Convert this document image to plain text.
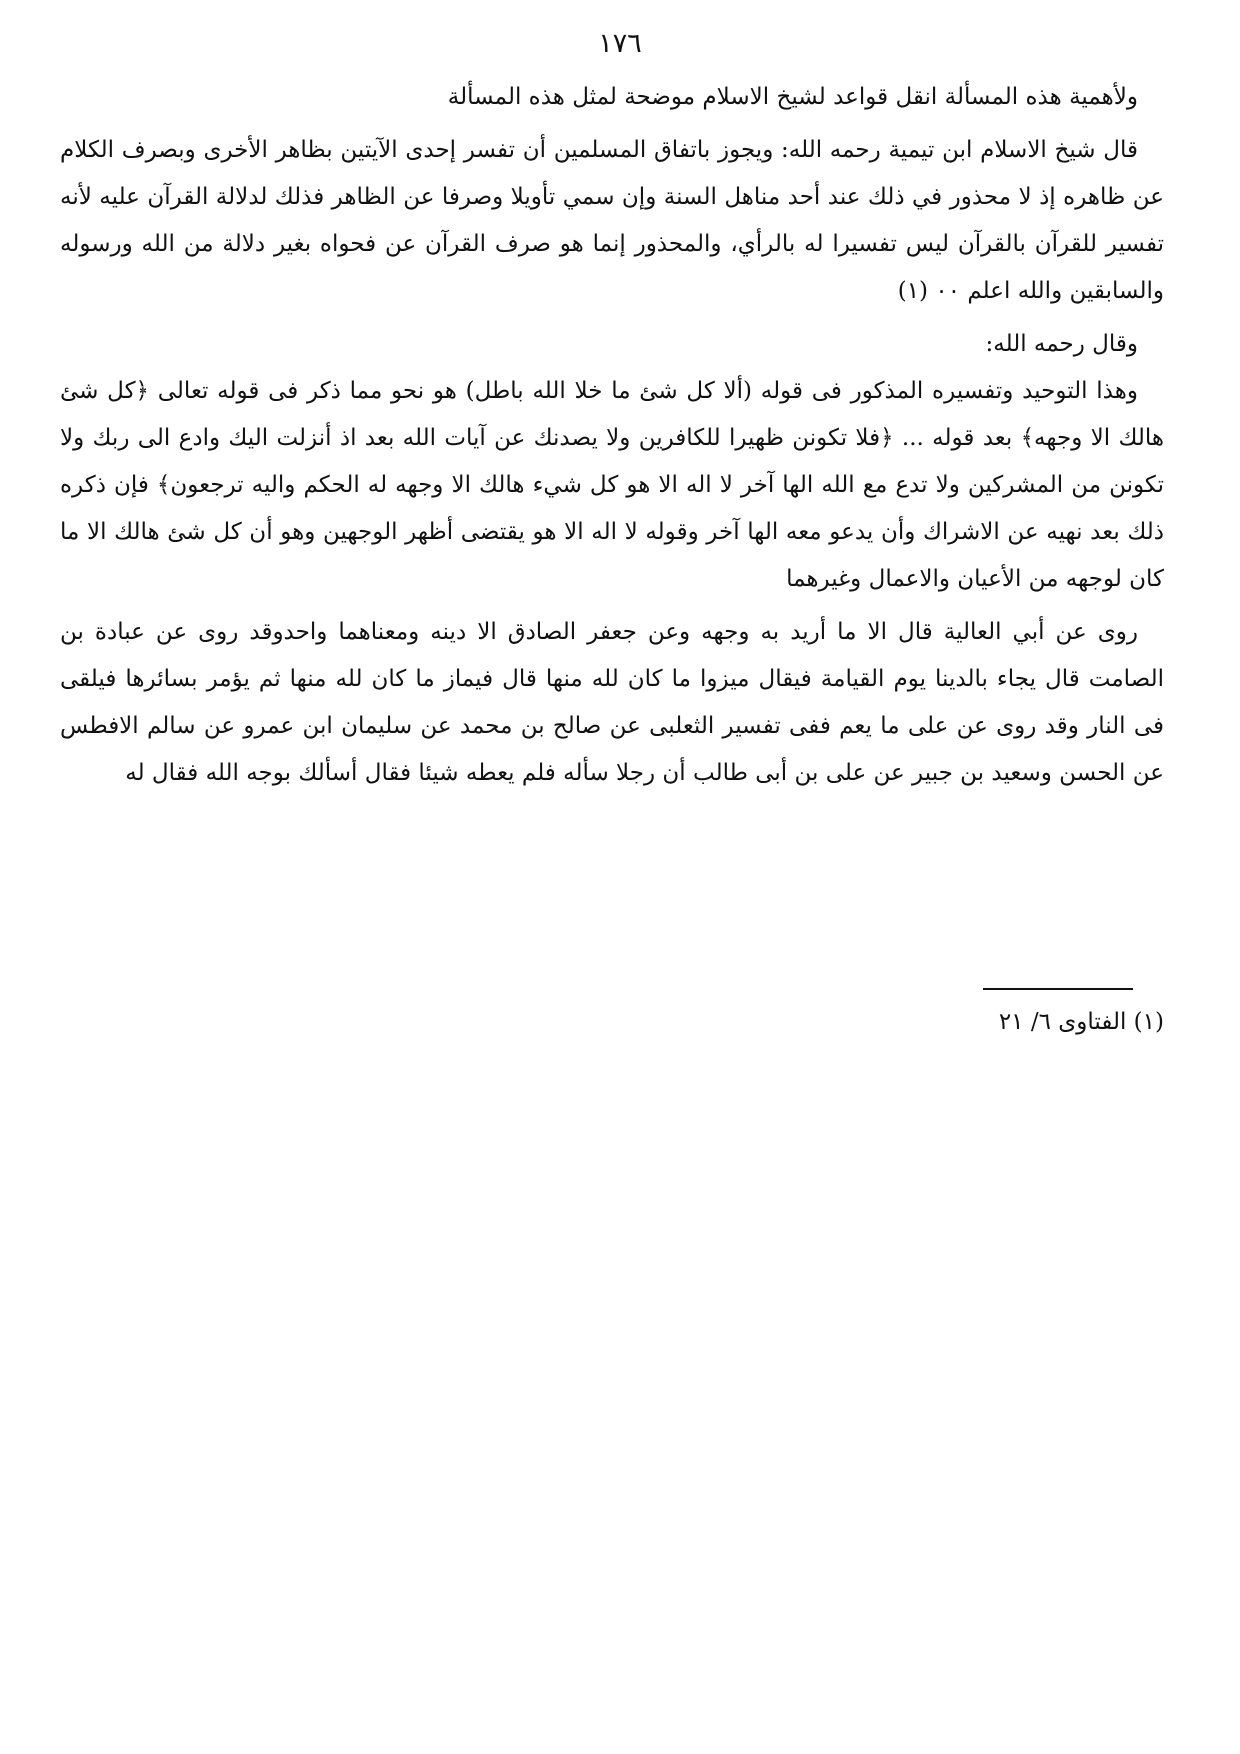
١٧٦

ولأهمية هذه المسألة انقل قواعد لشيخ الاسلام موضحة لمثل هذه المسألة

قال شيخ الاسلام ابن تيمية رحمه الله: ويجوز باتفاق المسلمين أن تفسر إحدى الآيتين بظاهر الأخرى وبصرف الكلام عن ظاهره إذ لا محذور في ذلك عند أحد مناهل السنة وإن سمي تأويلا وصرفا عن الظاهر فذلك لدلالة القرآن عليه لأنه تفسير للقرآن بالقرآن ليس تفسيرا له بالرأي، والمحذور إنما هو صرف القرآن عن فحواه بغير دلالة من الله ورسوله والسابقين والله اعلم ٠٠ (١)

وقال رحمه الله:

وهذا التوحيد وتفسيره المذكور فى قوله (ألا كل شئ ما خلا الله باطل) هو نحو مما ذكر فى قوله تعالى ﴿كل شئ هالك الا وجهه﴾ بعد قوله ... ﴿فلا تكونن ظهيرا للكافرين ولا يصدنك عن آيات الله بعد اذ أنزلت اليك وادع الى ربك ولا تكونن من المشركين ولا تدع مع الله الها آخر لا اله الا هو كل شيء هالك الا وجهه له الحكم واليه ترجعون﴾ فإن ذكره ذلك بعد نهيه عن الاشراك وأن يدعو معه الها آخر وقوله لا اله الا هو يقتضى أظهر الوجهين وهو أن كل شئ هالك الا ما كان لوجهه من الأعيان والاعمال وغيرهما

روى عن أبي العالية قال الا ما أريد به وجهه وعن جعفر الصادق الا دينه ومعناهما واحدوقد روى عن عبادة بن الصامت قال يجاء بالدينا يوم القيامة فيقال ميزوا ما كان لله منها قال فيماز ما كان لله منها ثم يؤمر بسائرها فيلقى فى النار وقد روى عن على ما يعم ففى تفسير الثعلبى عن صالح بن محمد عن سليمان ابن عمرو عن سالم الافطس عن الحسن وسعيد بن جبير عن على بن أبى طالب أن رجلا سأله فلم يعطه شيئا فقال أسألك بوجه الله فقال له

(١) الفتاوى ٦/ ٢١
